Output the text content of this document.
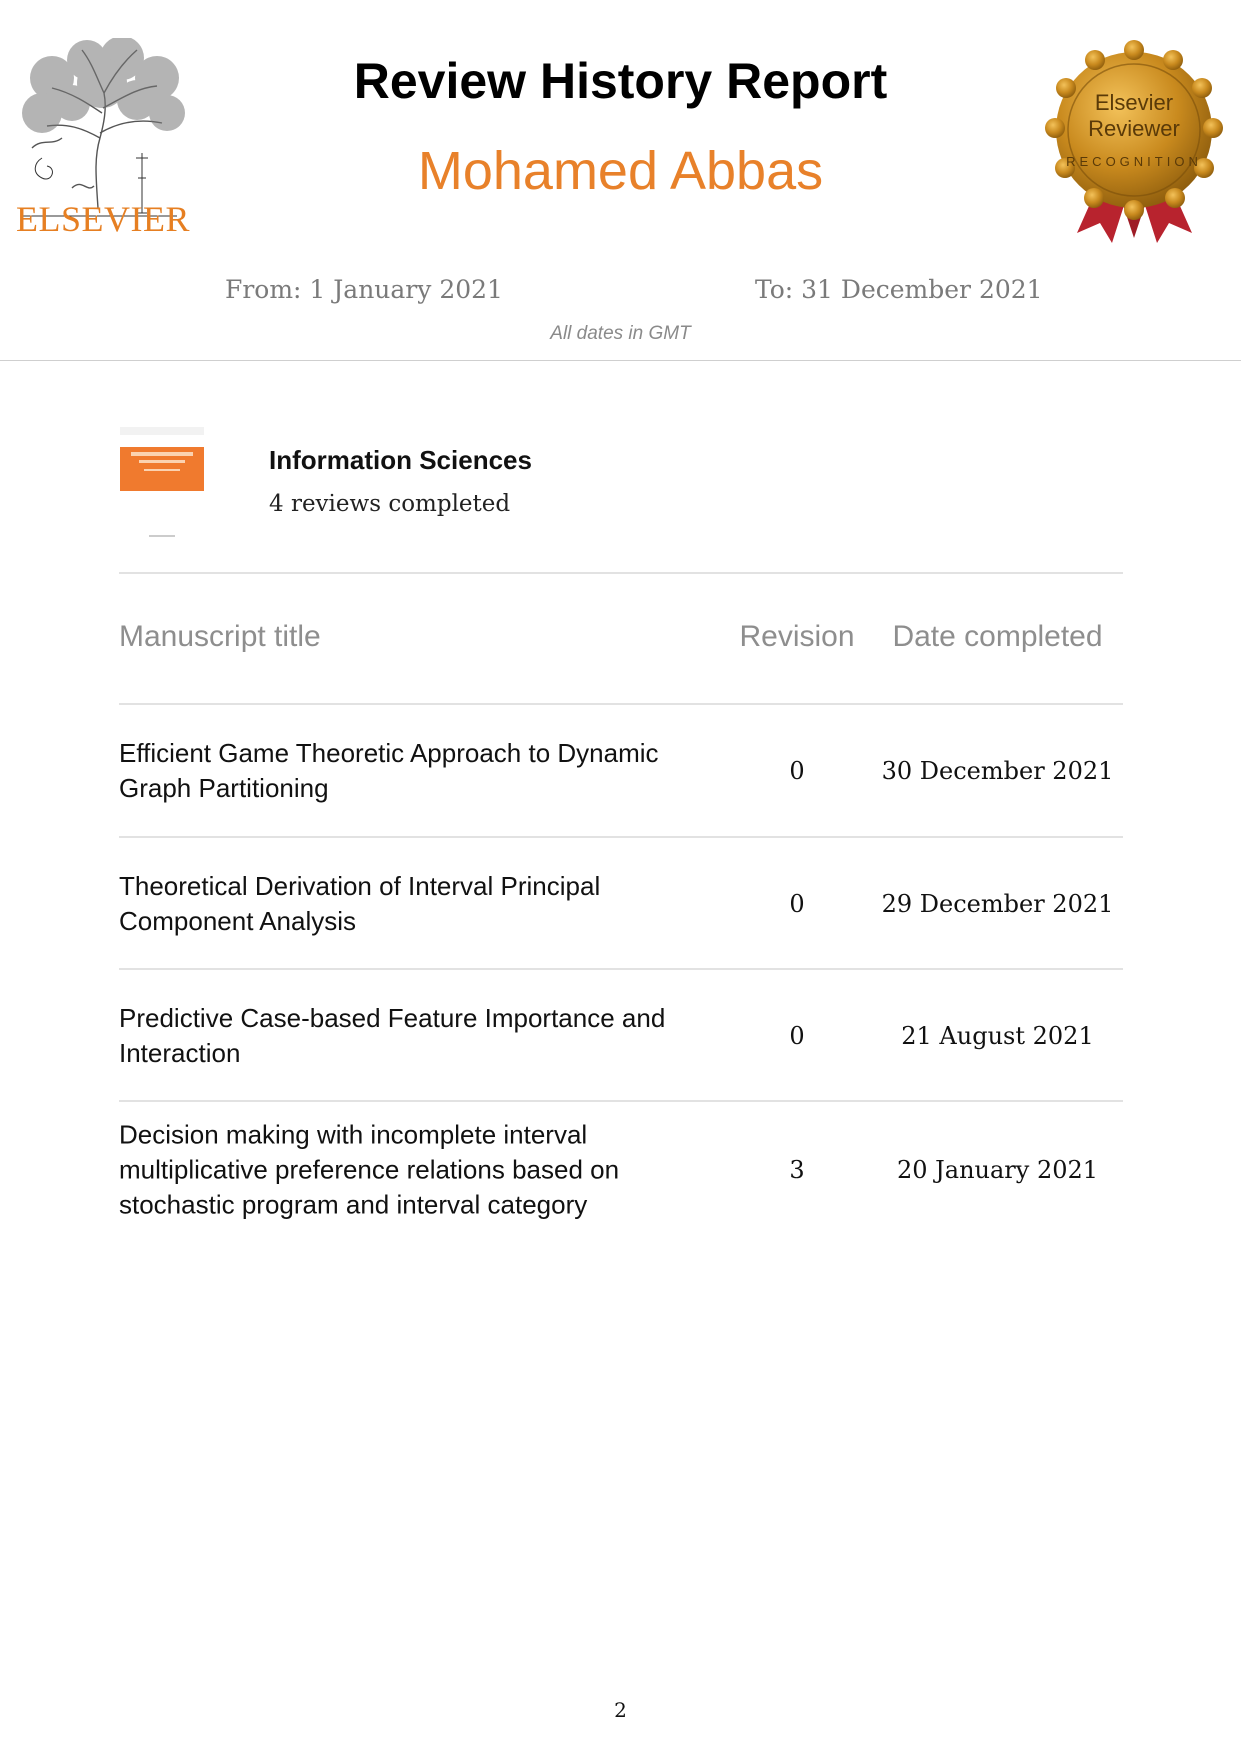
ELSEVIER
Review History Report
Mohamed Abbas
Elsevier
Reviewer
RECOGNITION
From: 1 January 2021	To: 31 December 2021
All dates in GMT
Information Sciences
4 reviews completed
Manuscript title	Revision	Date completed
Efficient Game Theoretic Approach to Dynamic Graph Partitioning
0	30 December 2021
Theoretical Derivation of Interval Principal Component Analysis
0	29 December 2021
Predictive Case-based Feature Importance and Interaction
0	21 August 2021
Decision making with incomplete interval multiplicative preference relations based on stochastic program and interval category
3	20 January 2021
2
